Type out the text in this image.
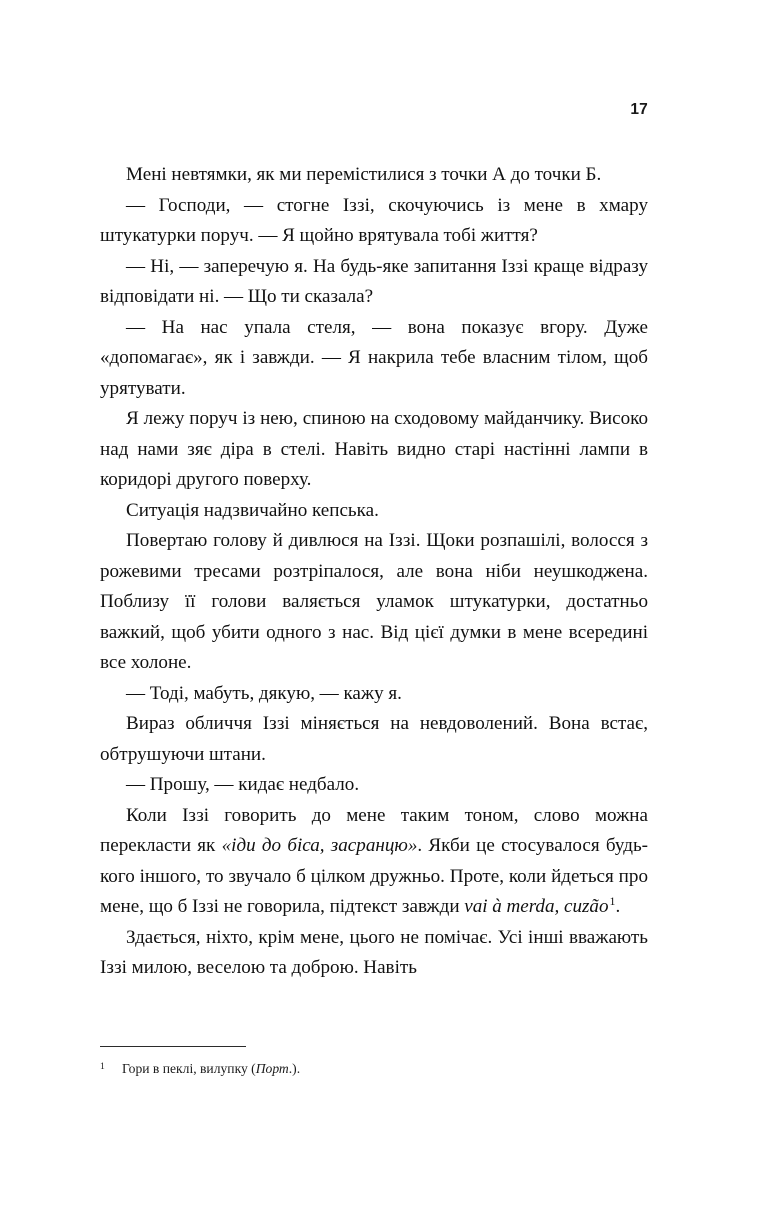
17

Мені невтямки, як ми перемістилися з точки А до точки Б.

— Господи, — стогне Іззі, скочуючись із мене в хмару штукатурки поруч. — Я щойно врятувала тобі життя?

— Ні, — заперечую я. На будь-яке запитання Іззі краще відразу відповідати ні. — Що ти сказала?

— На нас упала стеля, — вона показує вгору. Дуже «допомагає», як і завжди. — Я накрила тебе власним тілом, щоб урятувати.

Я лежу поруч із нею, спиною на сходовому майданчику. Високо над нами зяє діра в стелі. Навіть видно старі настінні лампи в коридорі другого поверху.

Ситуація надзвичайно кепська.

Повертаю голову й дивлюся на Іззі. Щоки розпашілі, волосся з рожевими тресами розтріпалося, але вона ніби неушкоджена. Поблизу її голови валяється уламок штукатурки, достатньо важкий, щоб убити одного з нас. Від цієї думки в мене всередині все холоне.

— Тоді, мабуть, дякую, — кажу я.

Вираз обличчя Іззі міняється на невдоволений. Вона встає, обтрушуючи штани.

— Прошу, — кидає недбало.

Коли Іззі говорить до мене таким тоном, слово можна перекласти як «іди до біса, засранцю». Якби це стосувалося будь-кого іншого, то звучало б цілком дружньо. Проте, коли йдеться про мене, що б Іззі не говорила, підтекст завжди vai à merda, cuzão$^1$.

Здається, ніхто, крім мене, цього не помічає. Усі інші вважають Іззі милою, веселою та доброю. Навіть

1 Гори в пеклі, вилупку (Порт.).
